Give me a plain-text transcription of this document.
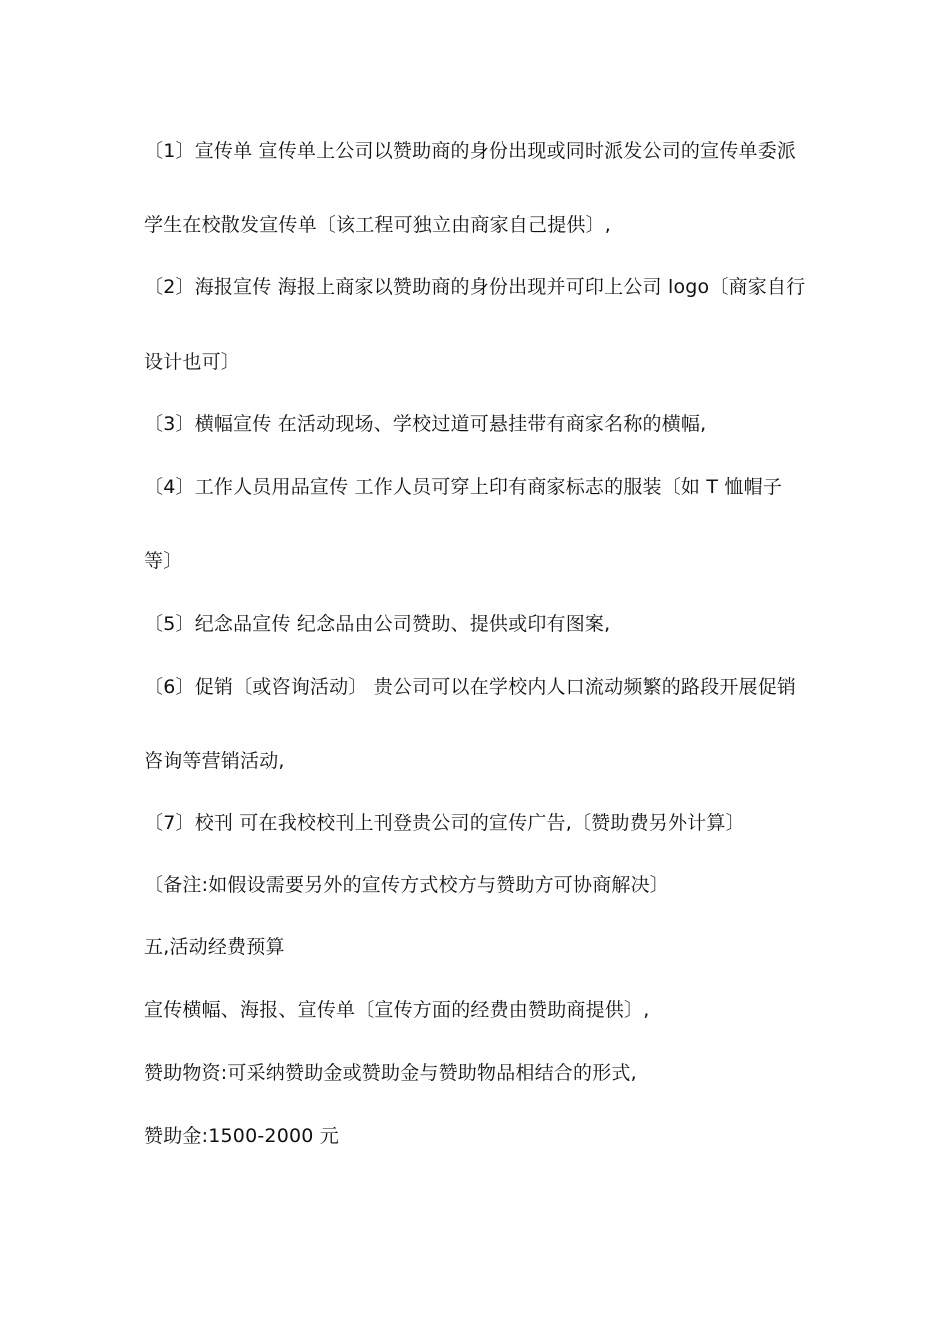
〔1〕宣传单 宣传单上公司以赞助商的身份出现或同时派发公司的宣传单委派
学生在校散发宣传单〔该工程可独立由商家自己提供〕,
〔2〕海报宣传 海报上商家以赞助商的身份出现并可印上公司 logo〔商家自行
设计也可〕
〔3〕横幅宣传 在活动现场、学校过道可悬挂带有商家名称的横幅,
〔4〕工作人员用品宣传 工作人员可穿上印有商家标志的服装〔如 T 恤帽子
等〕
〔5〕纪念品宣传 纪念品由公司赞助、提供或印有图案,
〔6〕促销〔或咨询活动〕 贵公司可以在学校内人口流动频繁的路段开展促销
咨询等营销活动,
〔7〕校刊 可在我校校刊上刊登贵公司的宣传广告,〔赞助费另外计算〕
〔备注:如假设需要另外的宣传方式校方与赞助方可协商解决〕
五,活动经费预算
宣传横幅、海报、宣传单〔宣传方面的经费由赞助商提供〕,
赞助物资:可采纳赞助金或赞助金与赞助物品相结合的形式,
赞助金:1500-2000 元
